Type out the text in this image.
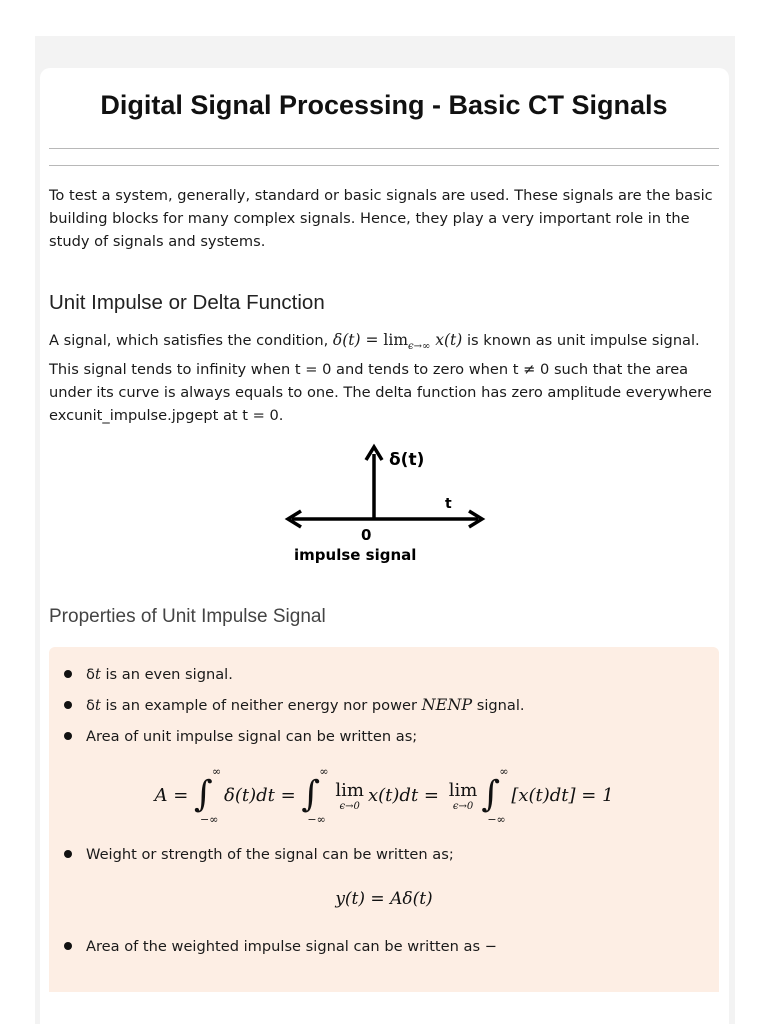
Digital Signal Processing - Basic CT Signals

To test a system, generally, standard or basic signals are used. These signals are the basic building blocks for many complex signals. Hence, they play a very important role in the study of signals and systems.

Unit Impulse or Delta Function

A signal, which satisfies the condition, $\delta(t) = \lim_{\epsilon\to\infty} x(t)$ is known as unit impulse signal. This signal tends to infinity when t = 0 and tends to zero when t ≠ 0 such that the area under its curve is always equals to one. The delta function has zero amplitude everywhere excunit_impulse.jpgept at t = 0.

δ(t)
t
0
impulse signal
Properties of Unit Impulse Signal

δt is an even signal.

δt is an example of neither energy nor power NENP signal.

Area of unit impulse signal can be written as;

A = ∫
∞
−∞
δ(t)dt = ∫
∞
−∞
lim
ϵ→0
x(t)dt = lim
ϵ→0 ∫
∞
−∞
[x(t)dt] = 1

Weight or strength of the signal can be written as;

y(t) = Aδ(t)

Area of the weighted impulse signal can be written as −
